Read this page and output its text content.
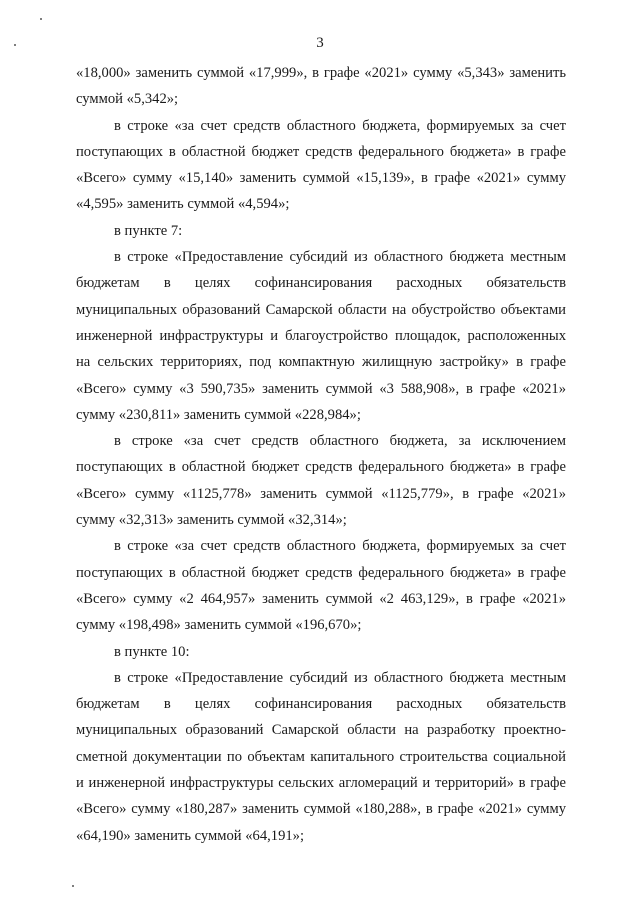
3

«18,000» заменить суммой «17,999», в графе «2021» сумму «5,343» заменить суммой «5,342»;

в строке «за счет средств областного бюджета, формируемых за счет поступающих в областной бюджет средств федерального бюджета» в графе «Всего» сумму «15,140» заменить суммой «15,139», в графе «2021» сумму «4,595» заменить суммой «4,594»;

в пункте 7:

в строке «Предоставление субсидий из областного бюджета местным бюджетам в целях софинансирования расходных обязательств муниципальных образований Самарской области на обустройство объектами инженерной инфраструктуры и благоустройство площадок, расположенных на сельских территориях, под компактную жилищную застройку» в графе «Всего» сумму «3 590,735» заменить суммой «3 588,908», в графе «2021» сумму «230,811» заменить суммой «228,984»;

в строке «за счет средств областного бюджета, за исключением поступающих в областной бюджет средств федерального бюджета» в графе «Всего» сумму «1125,778» заменить суммой «1125,779», в графе «2021» сумму «32,313» заменить суммой «32,314»;

в строке «за счет средств областного бюджета, формируемых за счет поступающих в областной бюджет средств федерального бюджета» в графе «Всего» сумму «2 464,957» заменить суммой «2 463,129», в графе «2021» сумму «198,498» заменить суммой «196,670»;

в пункте 10:

в строке «Предоставление субсидий из областного бюджета местным бюджетам в целях софинансирования расходных обязательств муниципальных образований Самарской области на разработку проектно-сметной документации по объектам капитального строительства социальной и инженерной инфраструктуры сельских агломераций и территорий» в графе «Всего» сумму «180,287» заменить суммой «180,288», в графе «2021» сумму «64,190» заменить суммой «64,191»;
